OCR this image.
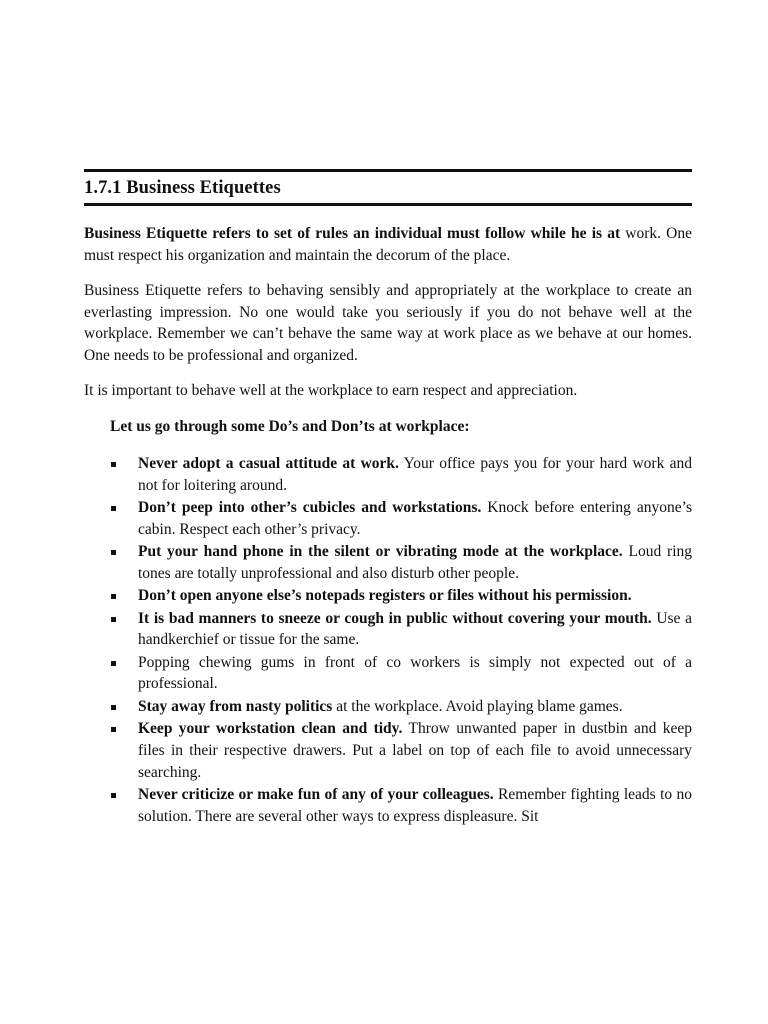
1.7.1 Business Etiquettes

Business Etiquette refers to set of rules an individual must follow while he is at work. One must respect his organization and maintain the decorum of the place.

Business Etiquette refers to behaving sensibly and appropriately at the workplace to create an everlasting impression. No one would take you seriously if you do not behave well at the workplace. Remember we can’t behave the same way at work place as we behave at our homes. One needs to be professional and organized.

It is important to behave well at the workplace to earn respect and appreciation.

Let us go through some Do’s and Don’ts at workplace:
Never adopt a casual attitude at work. Your office pays you for your hard work and not for loitering around.
Don’t peep into other’s cubicles and workstations. Knock before entering anyone’s cabin. Respect each other’s privacy.
Put your hand phone in the silent or vibrating mode at the workplace. Loud ring tones are totally unprofessional and also disturb other people.
Don’t open anyone else’s notepads registers or files without his permission.
It is bad manners to sneeze or cough in public without covering your mouth. Use a handkerchief or tissue for the same.
Popping chewing gums in front of co workers is simply not expected out of a professional.
Stay away from nasty politics at the workplace. Avoid playing blame games.
Keep your workstation clean and tidy. Throw unwanted paper in dustbin and keep files in their respective drawers. Put a label on top of each file to avoid unnecessary searching.
Never criticize or make fun of any of your colleagues. Remember fighting leads to no solution. There are several other ways to express displeasure. Sit
